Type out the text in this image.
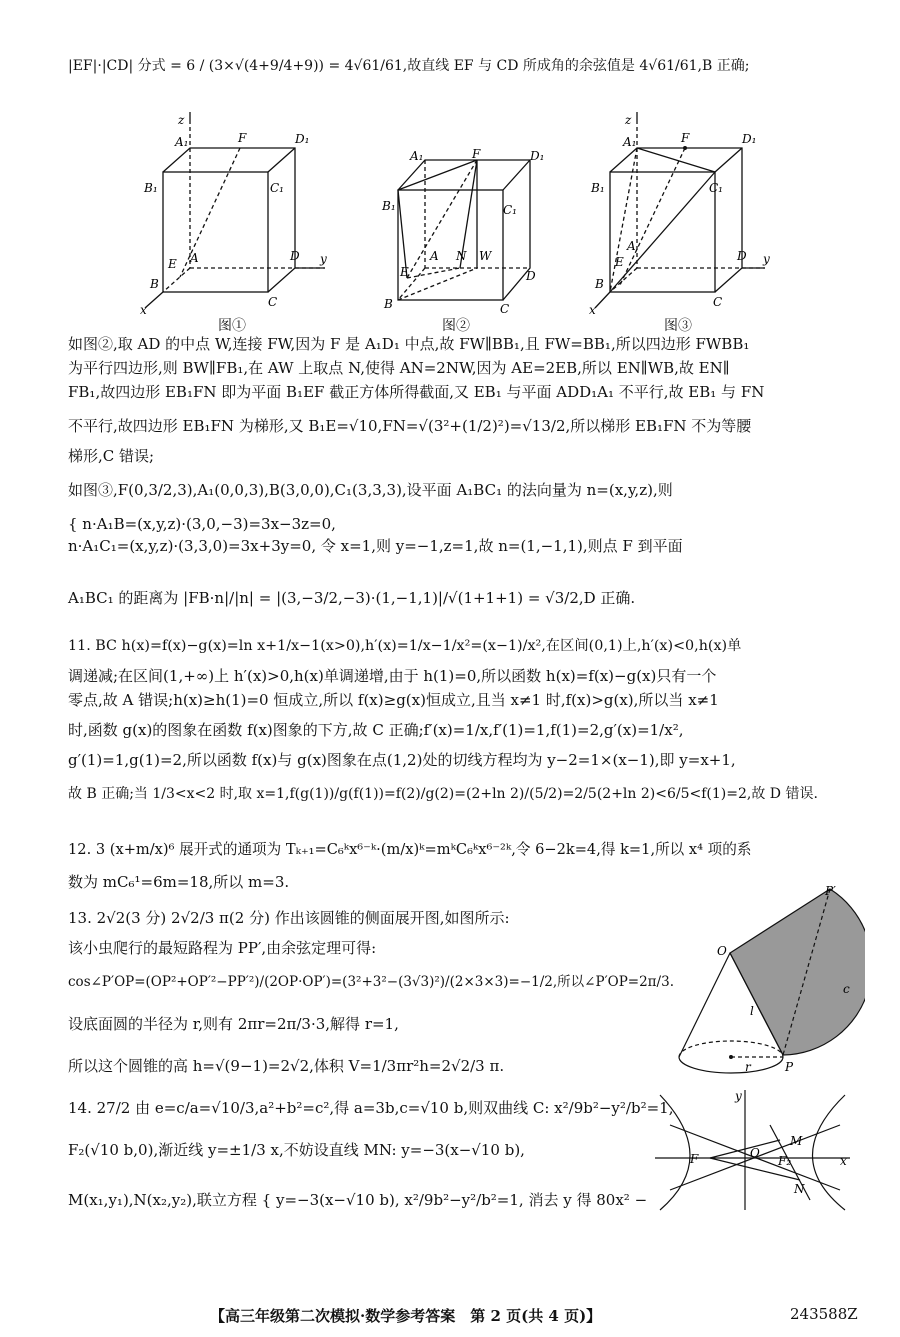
|EF|·|CD| 分式 = 6 / (3×√(4+9/4+9)) = 4√61/61,故直线 EF 与 CD 所成角的余弦值是 4√61/61,B 正确;
A₁	F	D₁
B₁	C₁
A
E
D
B
C
x
y
z
图①
A₁	F	D₁
B₁	C₁
A N W
E	D
B	C
图②
A₁	F	D₁
B₁	C₁
A
E	D
B
C
x
y
z
图③
如图②,取 AD 的中点 W,连接 FW,因为 F 是 A₁D₁ 中点,故 FW∥BB₁,且 FW=BB₁,所以四边形 FWBB₁
为平行四边形,则 BW∥FB₁,在 AW 上取点 N,使得 AN=2NW,因为 AE=2EB,所以 EN∥WB,故 EN∥
FB₁,故四边形 EB₁FN 即为平面 B₁EF 截正方体所得截面,又 EB₁ 与平面 ADD₁A₁ 不平行,故 EB₁ 与 FN
不平行,故四边形 EB₁FN 为梯形,又 B₁E=√10,FN=√(3²+(1/2)²)=√13/2,所以梯形 EB₁FN 不为等腰
梯形,C 错误;
如图③,F(0,3/2,3),A₁(0,0,3),B(3,0,0),C₁(3,3,3),设平面 A₁BC₁ 的法向量为 n=(x,y,z),则
{ n·A₁B=(x,y,z)·(3,0,−3)=3x−3z=0,
n·A₁C₁=(x,y,z)·(3,3,0)=3x+3y=0, 令 x=1,则 y=−1,z=1,故 n=(1,−1,1),则点 F 到平面
A₁BC₁ 的距离为 |FB·n|/|n| = |(3,−3/2,−3)·(1,−1,1)|/√(1+1+1) = √3/2,D 正确.
11. BC h(x)=f(x)−g(x)=ln x+1/x−1(x>0),h′(x)=1/x−1/x²=(x−1)/x²,在区间(0,1)上,h′(x)<0,h(x)单
调递减;在区间(1,+∞)上 h′(x)>0,h(x)单调递增,由于 h(1)=0,所以函数 h(x)=f(x)−g(x)只有一个
零点,故 A 错误;h(x)≥h(1)=0 恒成立,所以 f(x)≥g(x)恒成立,且当 x≠1 时,f(x)>g(x),所以当 x≠1
时,函数 g(x)的图象在函数 f(x)图象的下方,故 C 正确;f′(x)=1/x,f′(1)=1,f(1)=2,g′(x)=1/x²,
g′(1)=1,g(1)=2,所以函数 f(x)与 g(x)图象在点(1,2)处的切线方程均为 y−2=1×(x−1),即 y=x+1,
故 B 正确;当 1/3<x<2 时,取 x=1,f(g(1))/g(f(1))=f(2)/g(2)=(2+ln 2)/(5/2)=2/5(2+ln 2)<6/5<f(1)=2,故 D 错误.
12. 3 (x+m/x)⁶ 展开式的通项为 Tₖ₊₁=C₆ᵏx⁶⁻ᵏ·(m/x)ᵏ=mᵏC₆ᵏx⁶⁻²ᵏ,令 6−2k=4,得 k=1,所以 x⁴ 项的系
数为 mC₆¹=6m=18,所以 m=3.
13. 2√2(3 分) 2√2/3 π(2 分) 作出该圆锥的侧面展开图,如图所示:
该小虫爬行的最短路程为 PP′,由余弦定理可得:
cos∠P′OP=(OP²+OP′²−PP′²)/(2OP·OP′)=(3²+3²−(3√3)²)/(2×3×3)=−1/2,所以∠P′OP=2π/3.
设底面圆的半径为 r,则有 2πr=2π/3·3,解得 r=1,
所以这个圆锥的高 h=√(9−1)=2√2,体积 V=1/3πr²h=2√2/3 π.
O
P′
c
l
r	P
14. 27/2 由 e=c/a=√10/3,a²+b²=c²,得 a=3b,c=√10 b,则双曲线 C: x²/9b²−y²/b²=1,
F₂(√10 b,0),渐近线 y=±1/3 x,不妨设直线 MN: y=−3(x−√10 b),
M(x₁,y₁),N(x₂,y₂),联立方程 { y=−3(x−√10 b), x²/9b²−y²/b²=1, 消去 y 得 80x² −
F	O
M
N
F₂	x
y
【高三年级第二次模拟·数学参考答案　第 2 页(共 4 页)】	243588Z
